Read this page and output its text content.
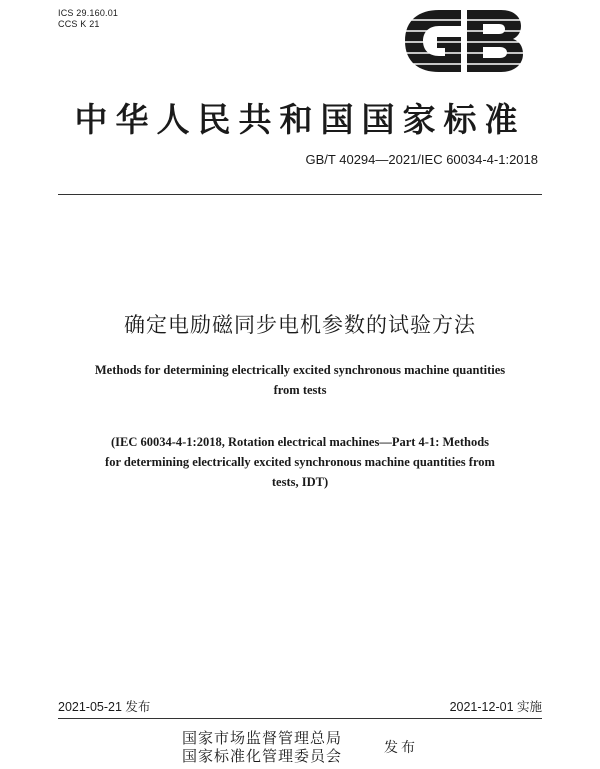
ICS 29.160.01
CCS K 21
中华人民共和国国家标准
GB/T 40294—2021/IEC 60034-4-1:2018
确定电励磁同步电机参数的试验方法
Methods for determining electrically excited synchronous machine quantities
from tests
(IEC 60034-4-1:2018, Rotation electrical machines—Part 4-1: Methods
for determining electrically excited synchronous machine quantities from
tests, IDT)
2021-05-21 发布	2021-12-01 实施
国家市场监督管理总局
国家标准化管理委员会	发布
